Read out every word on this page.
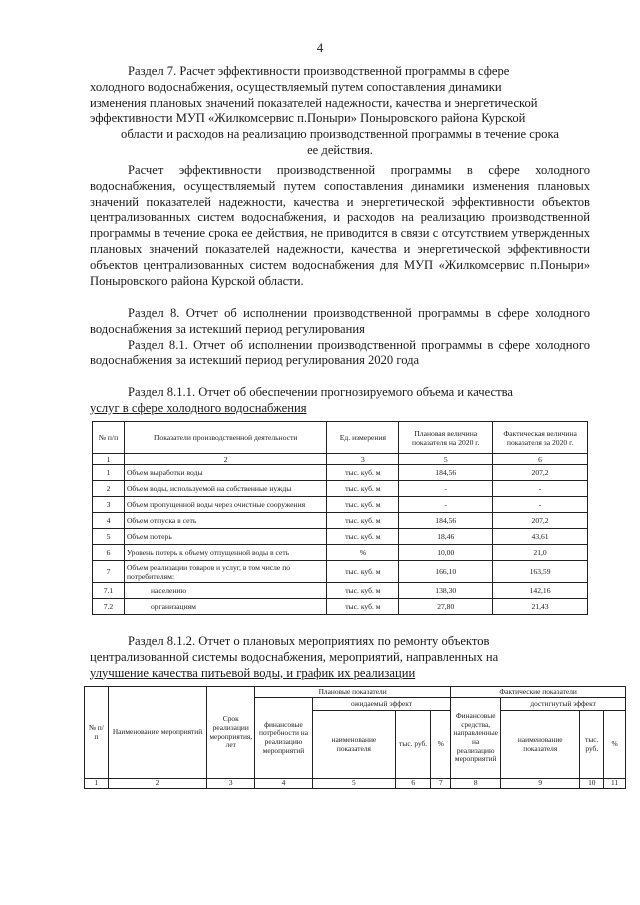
4

Раздел 7. Расчет эффективности производственной программы в сфере

холодного водоснабжения, осуществляемый путем сопоставления динамики

изменения плановых значений показателей надежности, качества и энергетической

эффективности МУП «Жилкомсервис п.Поныри» Поныровского района Курской

области и расходов на реализацию производственной программы в течение срока

ее действия.

Расчет эффективности производственной программы в сфере холодного водоснабжения, осуществляемый путем сопоставления динамики изменения плановых значений показателей надежности, качества и энергетической эффективности объектов централизованных систем водоснабжения, и расходов на реализацию производственной программы в течение срока ее действия, не приводится в связи с отсутствием утвержденных плановых значений показателей надежности, качества и энергетической эффективности объектов централизованных систем водоснабжения для МУП «Жилкомсервис п.Поныри» Поныровского района Курской области.

Раздел 8. Отчет об исполнении производственной программы в сфере холодного водоснабжения за истекший период регулирования

Раздел 8.1. Отчет об исполнении производственной программы в сфере холодного водоснабжения за истекший период регулирования 2020 года

Раздел 8.1.1. Отчет об обеспечении прогнозируемого объема и качества

услуг в сфере холодного водоснабжения

№ п/п	Показатели производственной деятельности	Ед. измерения	Плановая величина показателя на 2020 г.	Фактическая величина показателя за 2020 г.
1	2	3	5	6
1	Объем выработки воды	тыс. куб. м	184,56	207,2
2	Объем воды, используемой на собственные нужды	тыс. куб. м	-	-
3	Объем пропущенной воды через очистные сооружения	тыс. куб. м	-	-
4	Объем отпуска в сеть	тыс. куб. м	184,56	207,2
5	Объем потерь	тыс. куб. м	18,46	43,61
6	Уровень потерь к объему отпущенной воды в сеть	%	10,00	21,0
7	Объем реализации товаров и услуг, в том числе по потребителям:	тыс. куб. м	166,10	163,59
7.1	населению	тыс. куб. м	138,30	142,16
7.2	организациям	тыс. куб. м	27,80	21,43

Раздел 8.1.2. Отчет о плановых мероприятиях по ремонту объектов

централизованной системы водоснабжения, мероприятий, направленных на

улучшение качества питьевой воды, и график их реализации

№ п/п	Наименование мероприятий	Срок реализации мероприятия, лет	Плановые показатели				Фактические показатели			
			финансовые потребности на реализацию мероприятий	ожидаемый эффект			Финансовые средства, направленные на реализацию мероприятий	достигнутый эффект		
				наименование показателя	тыс. руб.	%		наименование показателя	тыс. руб.	%
1	2	3	4	5	6	7	8	9	10	11
